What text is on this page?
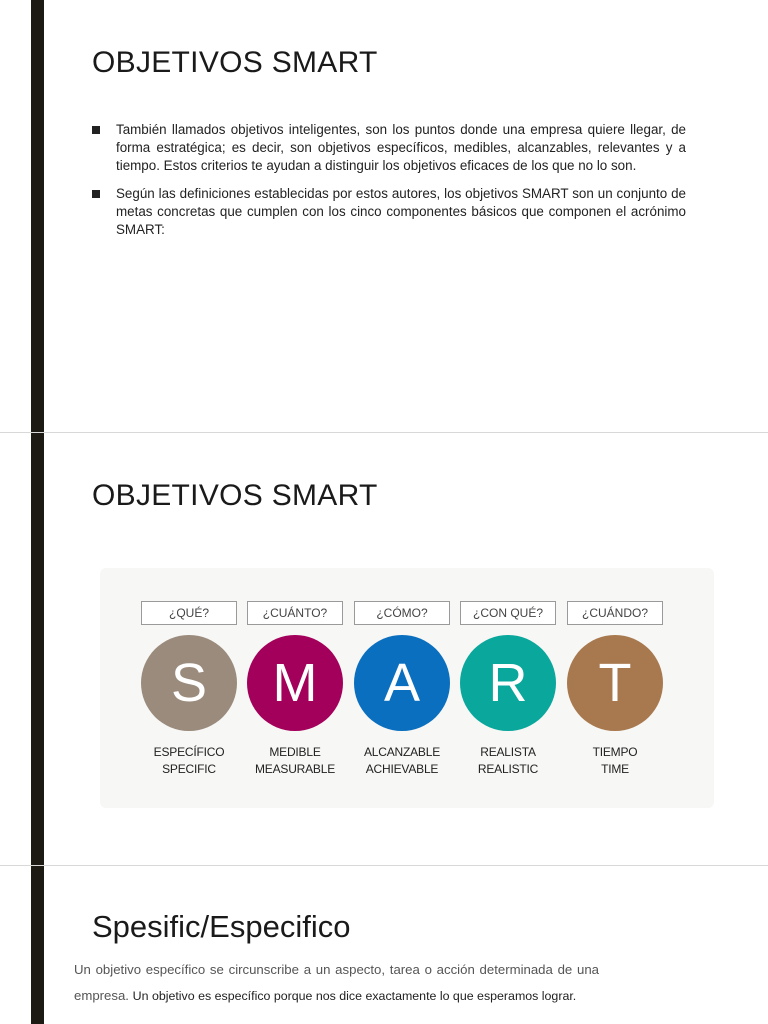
OBJETIVOS SMART
También llamados objetivos inteligentes, son los puntos donde una empresa quiere llegar, de forma estratégica; es decir, son objetivos específicos, medibles, alcanzables, relevantes y a tiempo. Estos criterios te ayudan a distinguir los objetivos eficaces de los que no lo son.
Según las definiciones establecidas por estos autores, los objetivos SMART son un conjunto de metas concretas que cumplen con los cinco componentes básicos que componen el acrónimo SMART:
OBJETIVOS SMART
¿QUÉ?
S
ESPECÍFICO
SPECIFIC
¿CUÁNTO?
M
MEDIBLE
MEASURABLE
¿CÓMO?
A
ALCANZABLE
ACHIEVABLE
¿CON QUÉ?
R
REALISTA
REALISTIC
¿CUÁNDO?
T
TIEMPO
TIME
Spesific/Especifico

Un objetivo específico se circunscribe a un aspecto, tarea o acción determinada de una empresa. Un objetivo es específico porque nos dice exactamente lo que esperamos lograr.
